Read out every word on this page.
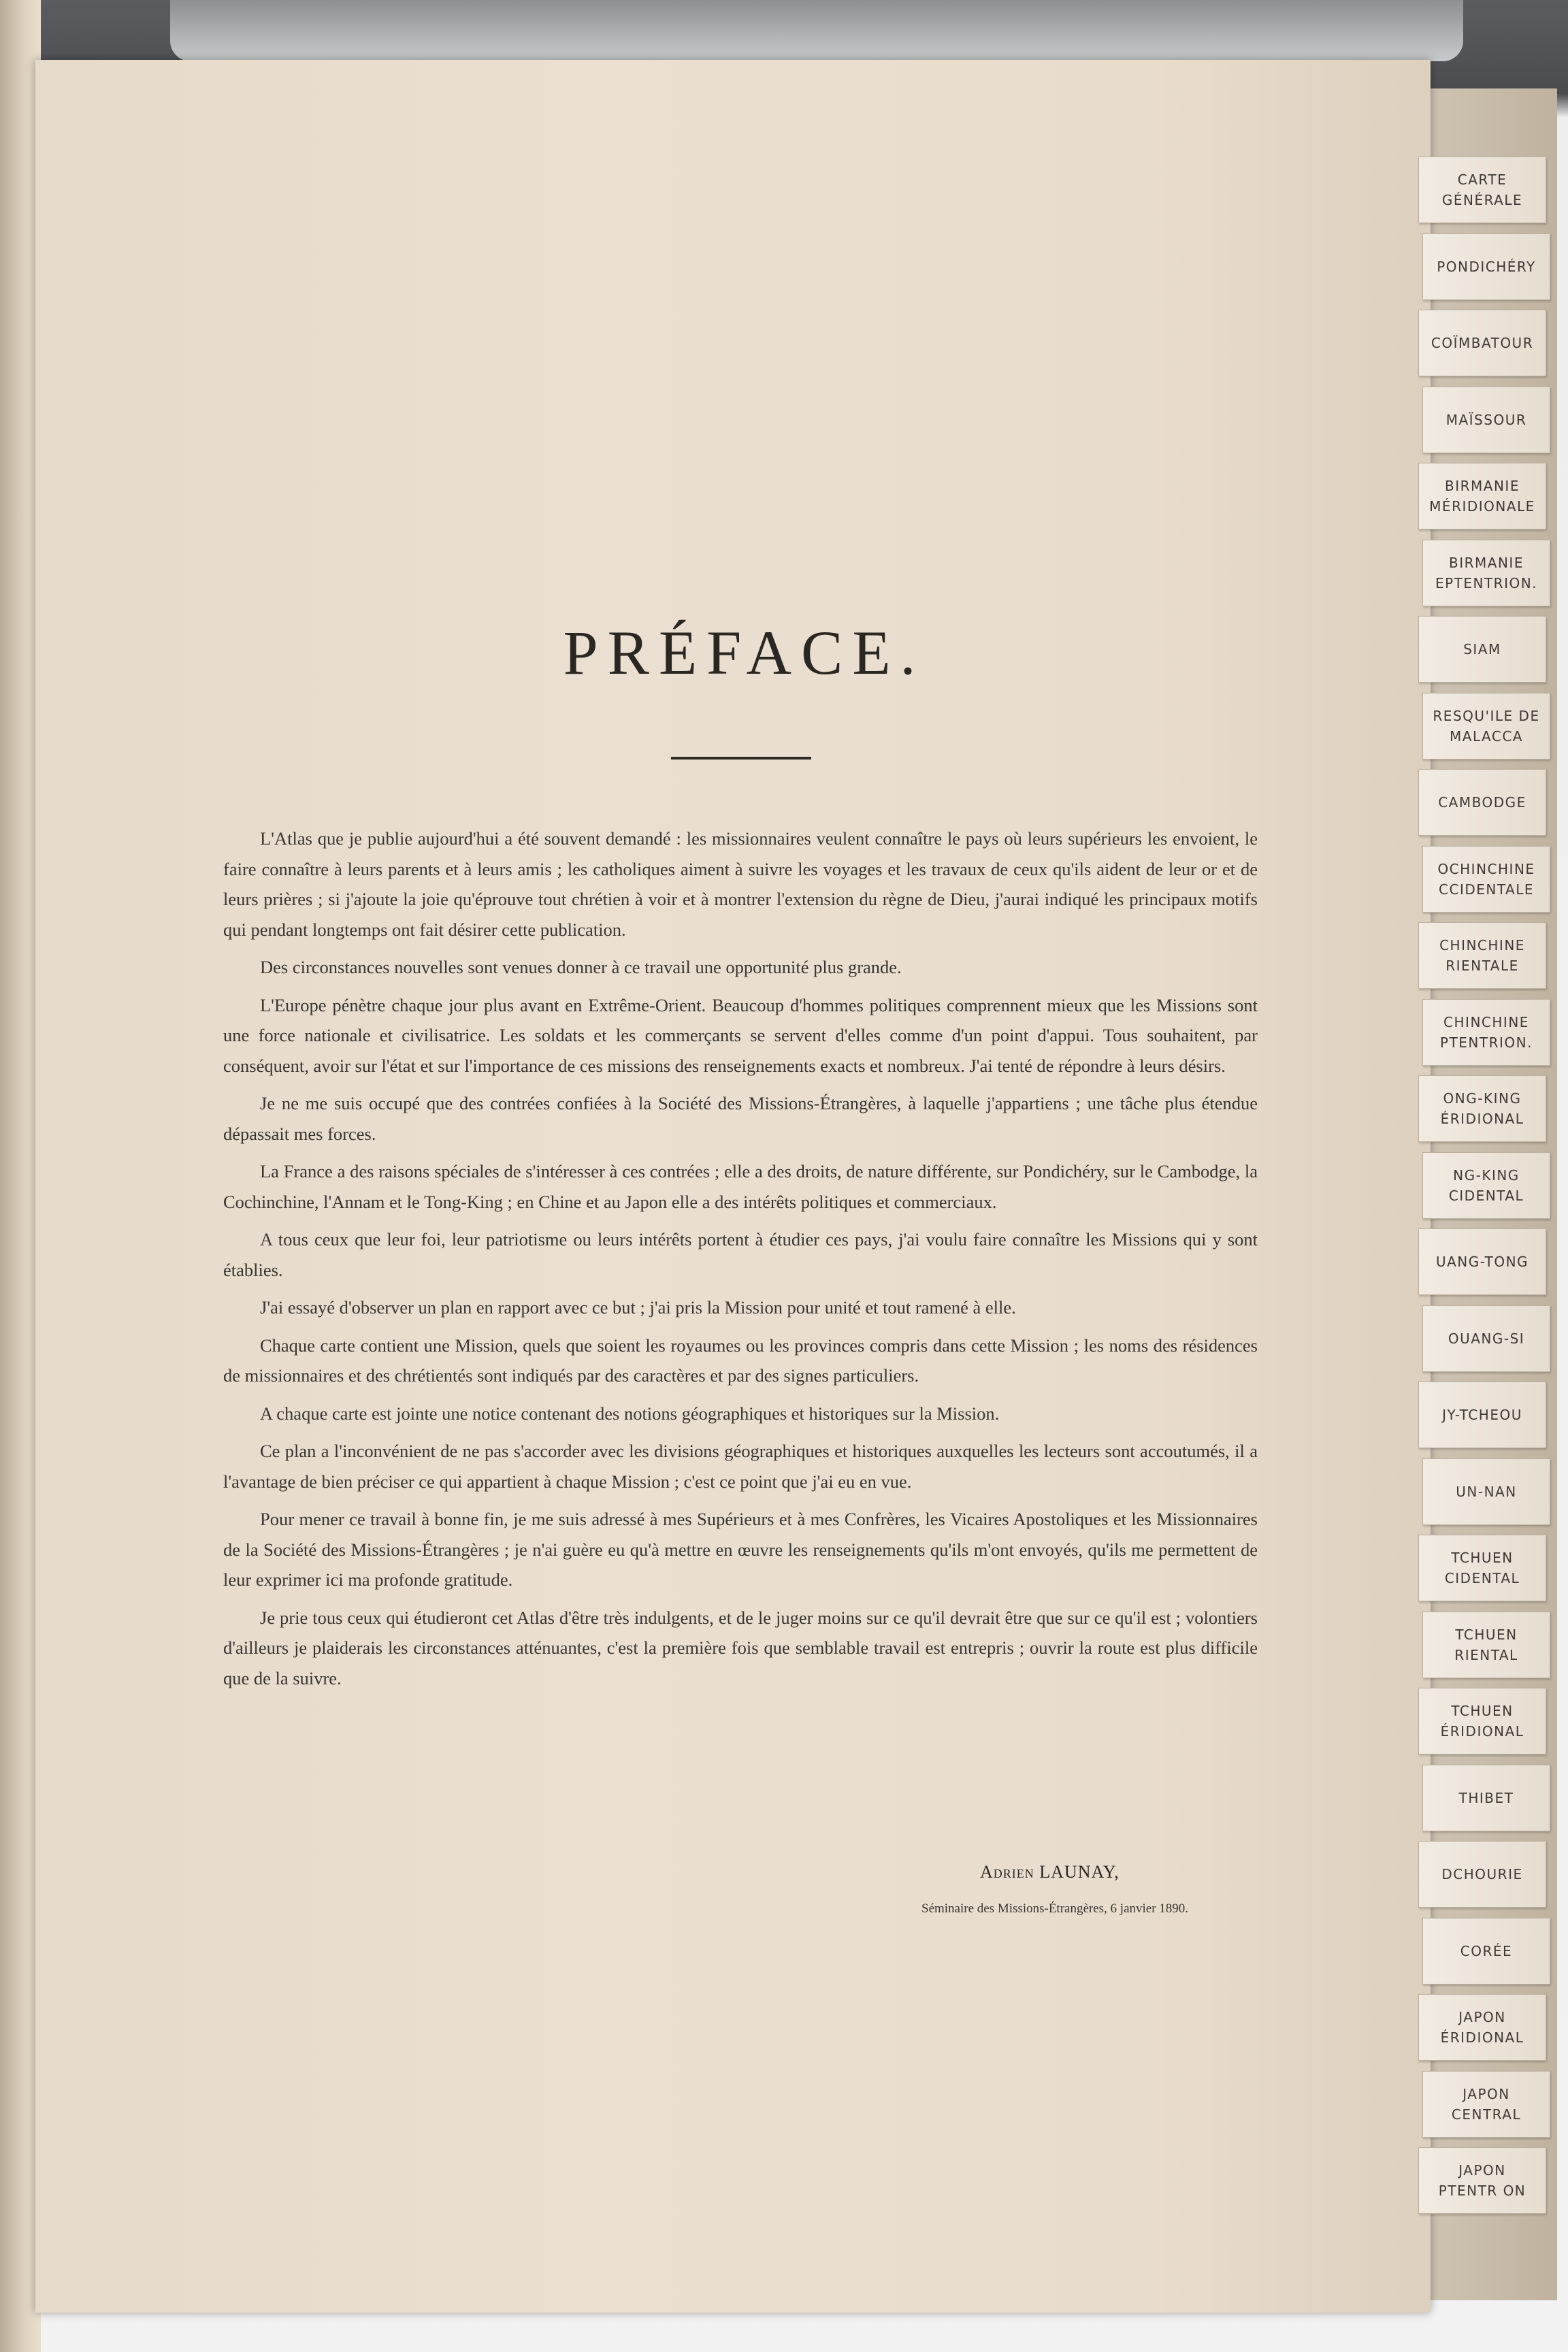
PRÉFACE.

L'Atlas que je publie aujourd'hui a été souvent demandé : les missionnaires veulent connaître le pays où leurs supérieurs les envoient, le faire connaître à leurs parents et à leurs amis ; les catholiques aiment à suivre les voyages et les travaux de ceux qu'ils aident de leur or et de leurs prières ; si j'ajoute la joie qu'éprouve tout chrétien à voir et à montrer l'extension du règne de Dieu, j'aurai indiqué les principaux motifs qui pendant longtemps ont fait désirer cette publication.

Des circonstances nouvelles sont venues donner à ce travail une opportunité plus grande.

L'Europe pénètre chaque jour plus avant en Extrême-Orient. Beaucoup d'hommes politiques comprennent mieux que les Missions sont une force nationale et civilisatrice. Les soldats et les commerçants se servent d'elles comme d'un point d'appui. Tous souhaitent, par conséquent, avoir sur l'état et sur l'importance de ces missions des renseignements exacts et nombreux. J'ai tenté de répondre à leurs désirs.

Je ne me suis occupé que des contrées confiées à la Société des Missions-Étrangères, à laquelle j'appartiens ; une tâche plus étendue dépassait mes forces.

La France a des raisons spéciales de s'intéresser à ces contrées ; elle a des droits, de nature différente, sur Pondichéry, sur le Cambodge, la Cochinchine, l'Annam et le Tong-King ; en Chine et au Japon elle a des intérêts politiques et commerciaux.

A tous ceux que leur foi, leur patriotisme ou leurs intérêts portent à étudier ces pays, j'ai voulu faire connaître les Missions qui y sont établies.

J'ai essayé d'observer un plan en rapport avec ce but ; j'ai pris la Mission pour unité et tout ramené à elle.

Chaque carte contient une Mission, quels que soient les royaumes ou les provinces compris dans cette Mission ; les noms des résidences de missionnaires et des chrétientés sont indiqués par des caractères et par des signes particuliers.

A chaque carte est jointe une notice contenant des notions géographiques et historiques sur la Mission.

Ce plan a l'inconvénient de ne pas s'accorder avec les divisions géographiques et historiques auxquelles les lecteurs sont accoutumés, il a l'avantage de bien préciser ce qui appartient à chaque Mission ; c'est ce point que j'ai eu en vue.

Pour mener ce travail à bonne fin, je me suis adressé à mes Supérieurs et à mes Confrères, les Vicaires Apostoliques et les Missionnaires de la Société des Missions-Étrangères ; je n'ai guère eu qu'à mettre en œuvre les renseignements qu'ils m'ont envoyés, qu'ils me permettent de leur exprimer ici ma profonde gratitude.

Je prie tous ceux qui étudieront cet Atlas d'être très indulgents, et de le juger moins sur ce qu'il devrait être que sur ce qu'il est ; volontiers d'ailleurs je plaiderais les circonstances atténuantes, c'est la première fois que semblable travail est entrepris ; ouvrir la route est plus difficile que de la suivre.

Adrien LAUNAY,
Séminaire des Missions-Étrangères, 6 janvier 1890.
CARTE
GÉNÉRALE
PONDICHÉRY
COÏMBATOUR
MAÏSSOUR
BIRMANIE
MÉRIDIONALE
BIRMANIE
EPTENTRION.
SIAM
RESQU'ILE DE
MALACCA
CAMBODGE
OCHINCHINE
CCIDENTALE
CHINCHINE
RIENTALE
CHINCHINE
PTENTRION.
ONG-KING
ÉRIDIONAL
NG-KING
CIDENTAL
UANG-TONG
OUANG-SI
JY-TCHEOU
UN-NAN
TCHUEN
CIDENTAL
TCHUEN
RIENTAL
TCHUEN
ÉRIDIONAL
THIBET
DCHOURIE
CORÉE
JAPON
ÉRIDIONAL
JAPON
CENTRAL
JAPON
PTENTR ON
